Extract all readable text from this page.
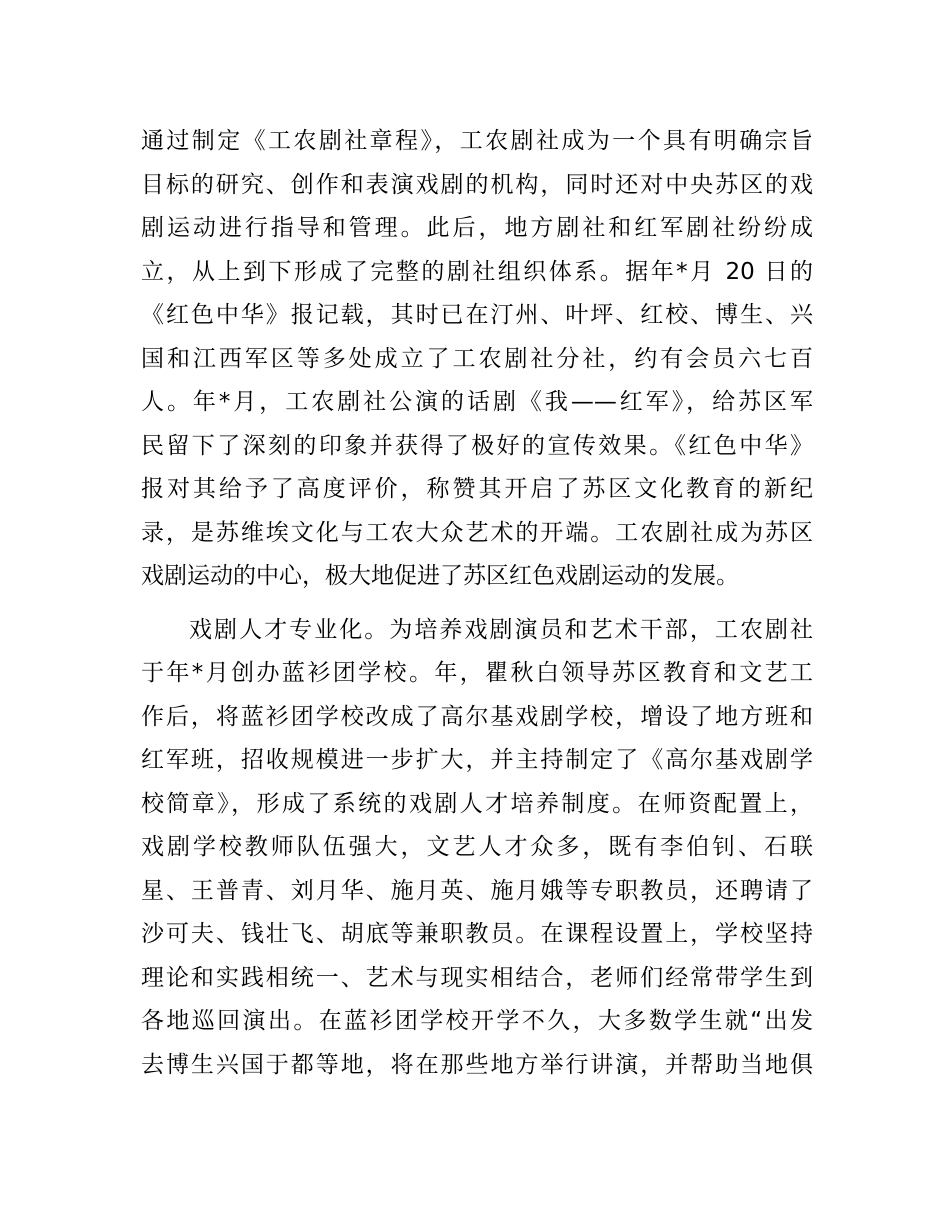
通过制定《工农剧社章程》，工农剧社成为一个具有明确宗旨
目标的研究、创作和表演戏剧的机构，同时还对中央苏区的戏
剧运动进行指导和管理。此后，地方剧社和红军剧社纷纷成
立，从上到下形成了完整的剧社组织体系。据年*月 20 日的
《红色中华》报记载，其时已在汀州、叶坪、红校、博生、兴
国和江西军区等多处成立了工农剧社分社，约有会员六七百
人。年*月，工农剧社公演的话剧《我——红军》，给苏区军
民留下了深刻的印象并获得了极好的宣传效果。《红色中华》
报对其给予了高度评价，称赞其开启了苏区文化教育的新纪
录，是苏维埃文化与工农大众艺术的开端。工农剧社成为苏区
戏剧运动的中心，极大地促进了苏区红色戏剧运动的发展。

戏剧人才专业化。为培养戏剧演员和艺术干部，工农剧社
于年*月创办蓝衫团学校。年，瞿秋白领导苏区教育和文艺工
作后，将蓝衫团学校改成了高尔基戏剧学校，增设了地方班和
红军班，招收规模进一步扩大，并主持制定了《高尔基戏剧学
校简章》，形成了系统的戏剧人才培养制度。在师资配置上，
戏剧学校教师队伍强大，文艺人才众多，既有李伯钊、石联
星、王普青、刘月华、施月英、施月娥等专职教员，还聘请了
沙可夫、钱壮飞、胡底等兼职教员。在课程设置上，学校坚持
理论和实践相统一、艺术与现实相结合，老师们经常带学生到
各地巡回演出。在蓝衫团学校开学不久，大多数学生就“出发
去博生兴国于都等地，将在那些地方举行讲演，并帮助当地俱
